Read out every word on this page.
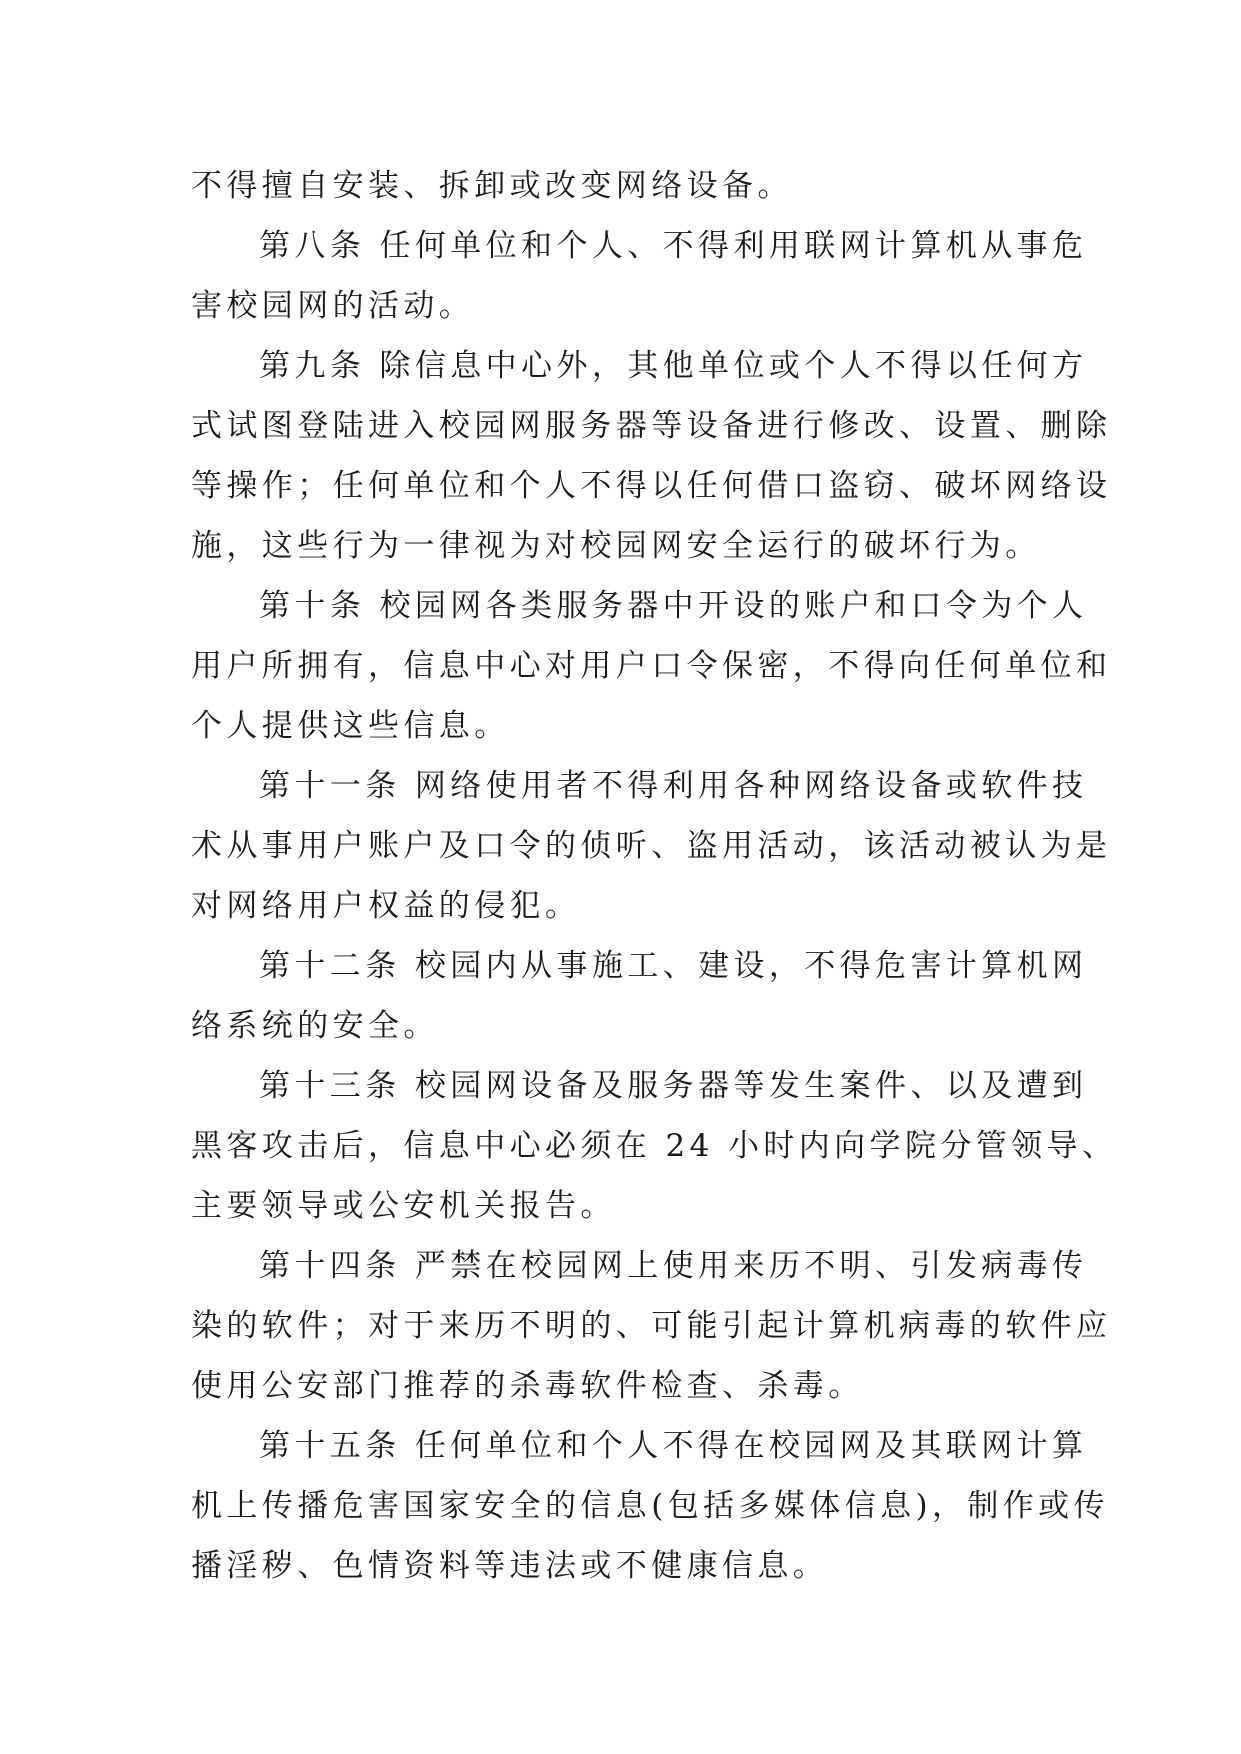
不得擅自安装、拆卸或改变网络设备。
第八条 任何单位和个人、不得利用联网计算机从事危
害校园网的活动。
第九条 除信息中心外，其他单位或个人不得以任何方
式试图登陆进入校园网服务器等设备进行修改、设置、删除
等操作；任何单位和个人不得以任何借口盗窃、破坏网络设
施，这些行为一律视为对校园网安全运行的破坏行为。
第十条 校园网各类服务器中开设的账户和口令为个人
用户所拥有，信息中心对用户口令保密，不得向任何单位和
个人提供这些信息。
第十一条 网络使用者不得利用各种网络设备或软件技
术从事用户账户及口令的侦听、盗用活动，该活动被认为是
对网络用户权益的侵犯。
第十二条 校园内从事施工、建设，不得危害计算机网
络系统的安全。
第十三条 校园网设备及服务器等发生案件、以及遭到
黑客攻击后，信息中心必须在 24 小时内向学院分管领导、
主要领导或公安机关报告。
第十四条 严禁在校园网上使用来历不明、引发病毒传
染的软件；对于来历不明的、可能引起计算机病毒的软件应
使用公安部门推荐的杀毒软件检查、杀毒。
第十五条 任何单位和个人不得在校园网及其联网计算
机上传播危害国家安全的信息(包括多媒体信息)，制作或传
播淫秽、色情资料等违法或不健康信息。
